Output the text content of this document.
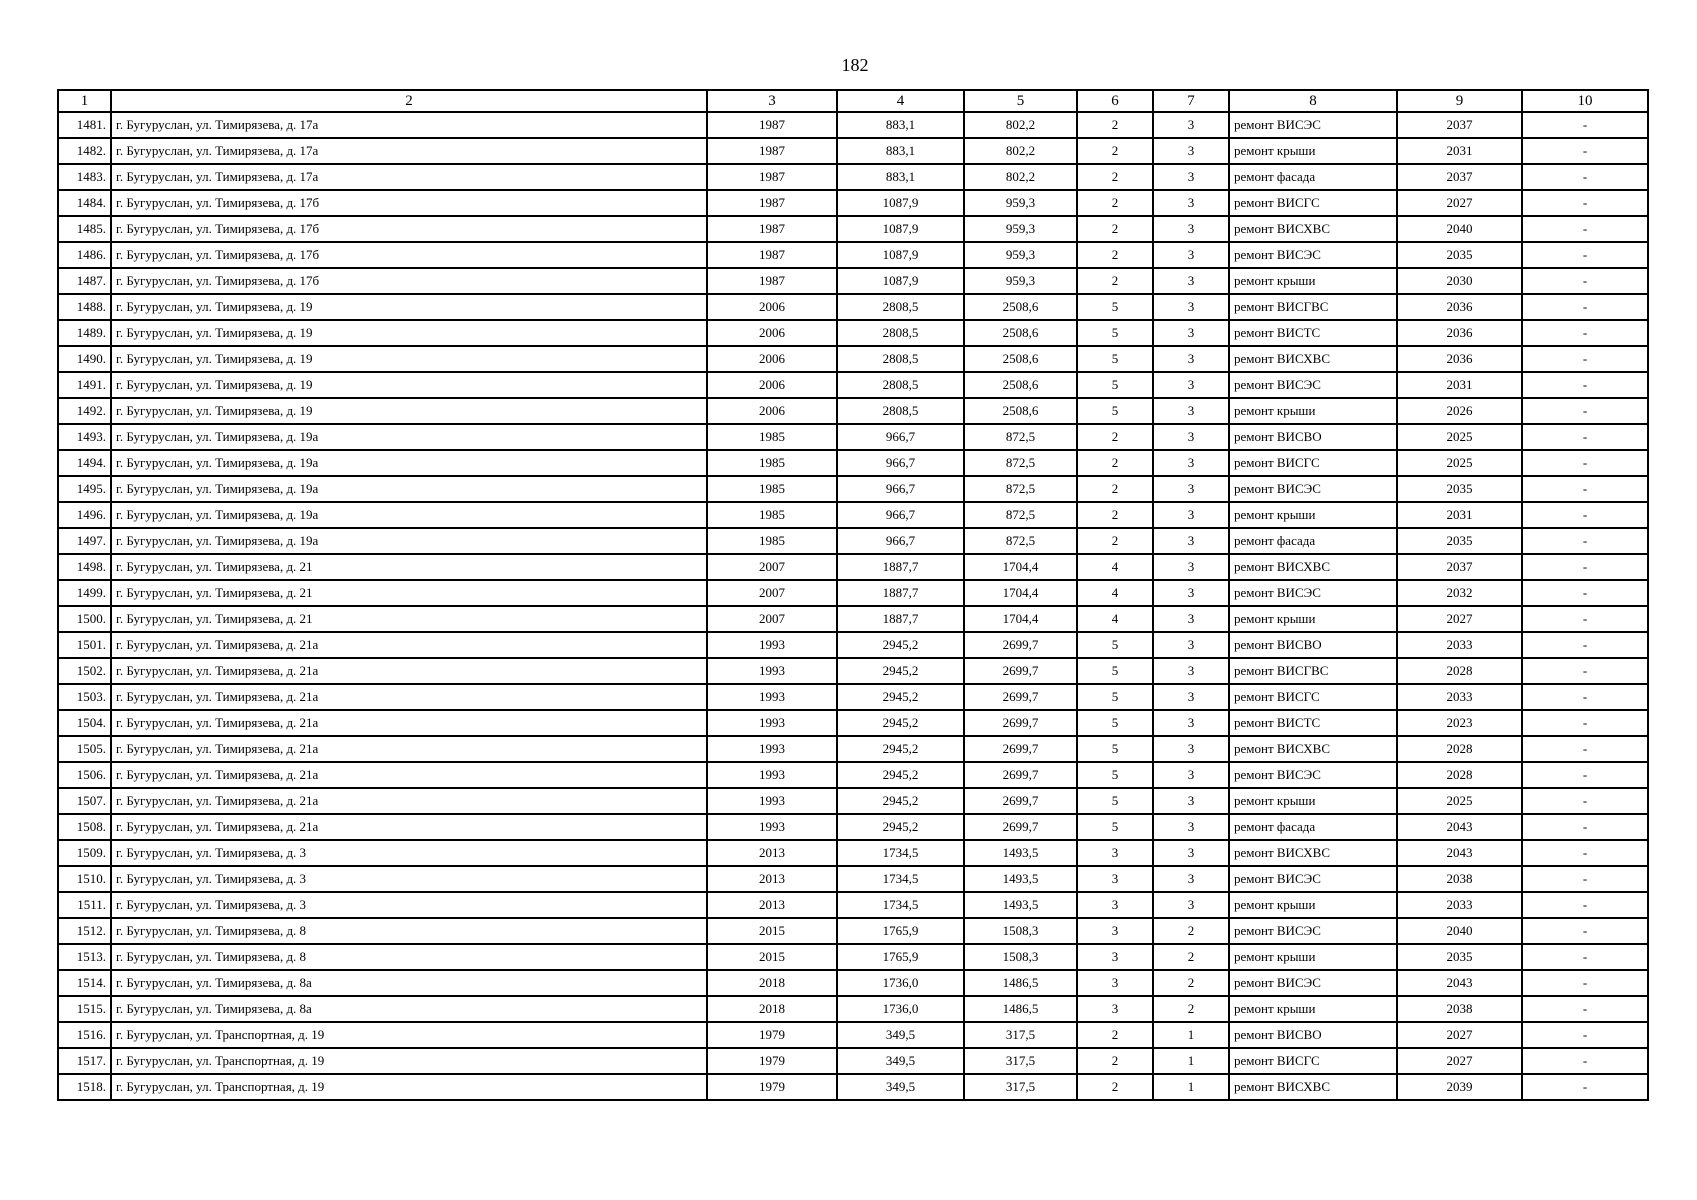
182
1	2	3	4	5	6	7	8	9	10
1481.	г. Бугуруслан, ул. Тимирязева, д. 17а	1987	883,1	802,2	2	3	ремонт ВИСЭС	2037	-
1482.	г. Бугуруслан, ул. Тимирязева, д. 17а	1987	883,1	802,2	2	3	ремонт крыши	2031	-
1483.	г. Бугуруслан, ул. Тимирязева, д. 17а	1987	883,1	802,2	2	3	ремонт фасада	2037	-
1484.	г. Бугуруслан, ул. Тимирязева, д. 17б	1987	1087,9	959,3	2	3	ремонт ВИСГС	2027	-
1485.	г. Бугуруслан, ул. Тимирязева, д. 17б	1987	1087,9	959,3	2	3	ремонт ВИСХВС	2040	-
1486.	г. Бугуруслан, ул. Тимирязева, д. 17б	1987	1087,9	959,3	2	3	ремонт ВИСЭС	2035	-
1487.	г. Бугуруслан, ул. Тимирязева, д. 17б	1987	1087,9	959,3	2	3	ремонт крыши	2030	-
1488.	г. Бугуруслан, ул. Тимирязева, д. 19	2006	2808,5	2508,6	5	3	ремонт ВИСГВС	2036	-
1489.	г. Бугуруслан, ул. Тимирязева, д. 19	2006	2808,5	2508,6	5	3	ремонт ВИСТС	2036	-
1490.	г. Бугуруслан, ул. Тимирязева, д. 19	2006	2808,5	2508,6	5	3	ремонт ВИСХВС	2036	-
1491.	г. Бугуруслан, ул. Тимирязева, д. 19	2006	2808,5	2508,6	5	3	ремонт ВИСЭС	2031	-
1492.	г. Бугуруслан, ул. Тимирязева, д. 19	2006	2808,5	2508,6	5	3	ремонт крыши	2026	-
1493.	г. Бугуруслан, ул. Тимирязева, д. 19а	1985	966,7	872,5	2	3	ремонт ВИСВО	2025	-
1494.	г. Бугуруслан, ул. Тимирязева, д. 19а	1985	966,7	872,5	2	3	ремонт ВИСГС	2025	-
1495.	г. Бугуруслан, ул. Тимирязева, д. 19а	1985	966,7	872,5	2	3	ремонт ВИСЭС	2035	-
1496.	г. Бугуруслан, ул. Тимирязева, д. 19а	1985	966,7	872,5	2	3	ремонт крыши	2031	-
1497.	г. Бугуруслан, ул. Тимирязева, д. 19а	1985	966,7	872,5	2	3	ремонт фасада	2035	-
1498.	г. Бугуруслан, ул. Тимирязева, д. 21	2007	1887,7	1704,4	4	3	ремонт ВИСХВС	2037	-
1499.	г. Бугуруслан, ул. Тимирязева, д. 21	2007	1887,7	1704,4	4	3	ремонт ВИСЭС	2032	-
1500.	г. Бугуруслан, ул. Тимирязева, д. 21	2007	1887,7	1704,4	4	3	ремонт крыши	2027	-
1501.	г. Бугуруслан, ул. Тимирязева, д. 21а	1993	2945,2	2699,7	5	3	ремонт ВИСВО	2033	-
1502.	г. Бугуруслан, ул. Тимирязева, д. 21а	1993	2945,2	2699,7	5	3	ремонт ВИСГВС	2028	-
1503.	г. Бугуруслан, ул. Тимирязева, д. 21а	1993	2945,2	2699,7	5	3	ремонт ВИСГС	2033	-
1504.	г. Бугуруслан, ул. Тимирязева, д. 21а	1993	2945,2	2699,7	5	3	ремонт ВИСТС	2023	-
1505.	г. Бугуруслан, ул. Тимирязева, д. 21а	1993	2945,2	2699,7	5	3	ремонт ВИСХВС	2028	-
1506.	г. Бугуруслан, ул. Тимирязева, д. 21а	1993	2945,2	2699,7	5	3	ремонт ВИСЭС	2028	-
1507.	г. Бугуруслан, ул. Тимирязева, д. 21а	1993	2945,2	2699,7	5	3	ремонт крыши	2025	-
1508.	г. Бугуруслан, ул. Тимирязева, д. 21а	1993	2945,2	2699,7	5	3	ремонт фасада	2043	-
1509.	г. Бугуруслан, ул. Тимирязева, д. 3	2013	1734,5	1493,5	3	3	ремонт ВИСХВС	2043	-
1510.	г. Бугуруслан, ул. Тимирязева, д. 3	2013	1734,5	1493,5	3	3	ремонт ВИСЭС	2038	-
1511.	г. Бугуруслан, ул. Тимирязева, д. 3	2013	1734,5	1493,5	3	3	ремонт крыши	2033	-
1512.	г. Бугуруслан, ул. Тимирязева, д. 8	2015	1765,9	1508,3	3	2	ремонт ВИСЭС	2040	-
1513.	г. Бугуруслан, ул. Тимирязева, д. 8	2015	1765,9	1508,3	3	2	ремонт крыши	2035	-
1514.	г. Бугуруслан, ул. Тимирязева, д. 8а	2018	1736,0	1486,5	3	2	ремонт ВИСЭС	2043	-
1515.	г. Бугуруслан, ул. Тимирязева, д. 8а	2018	1736,0	1486,5	3	2	ремонт крыши	2038	-
1516.	г. Бугуруслан, ул. Транспортная, д. 19	1979	349,5	317,5	2	1	ремонт ВИСВО	2027	-
1517.	г. Бугуруслан, ул. Транспортная, д. 19	1979	349,5	317,5	2	1	ремонт ВИСГС	2027	-
1518.	г. Бугуруслан, ул. Транспортная, д. 19	1979	349,5	317,5	2	1	ремонт ВИСХВС	2039	-
